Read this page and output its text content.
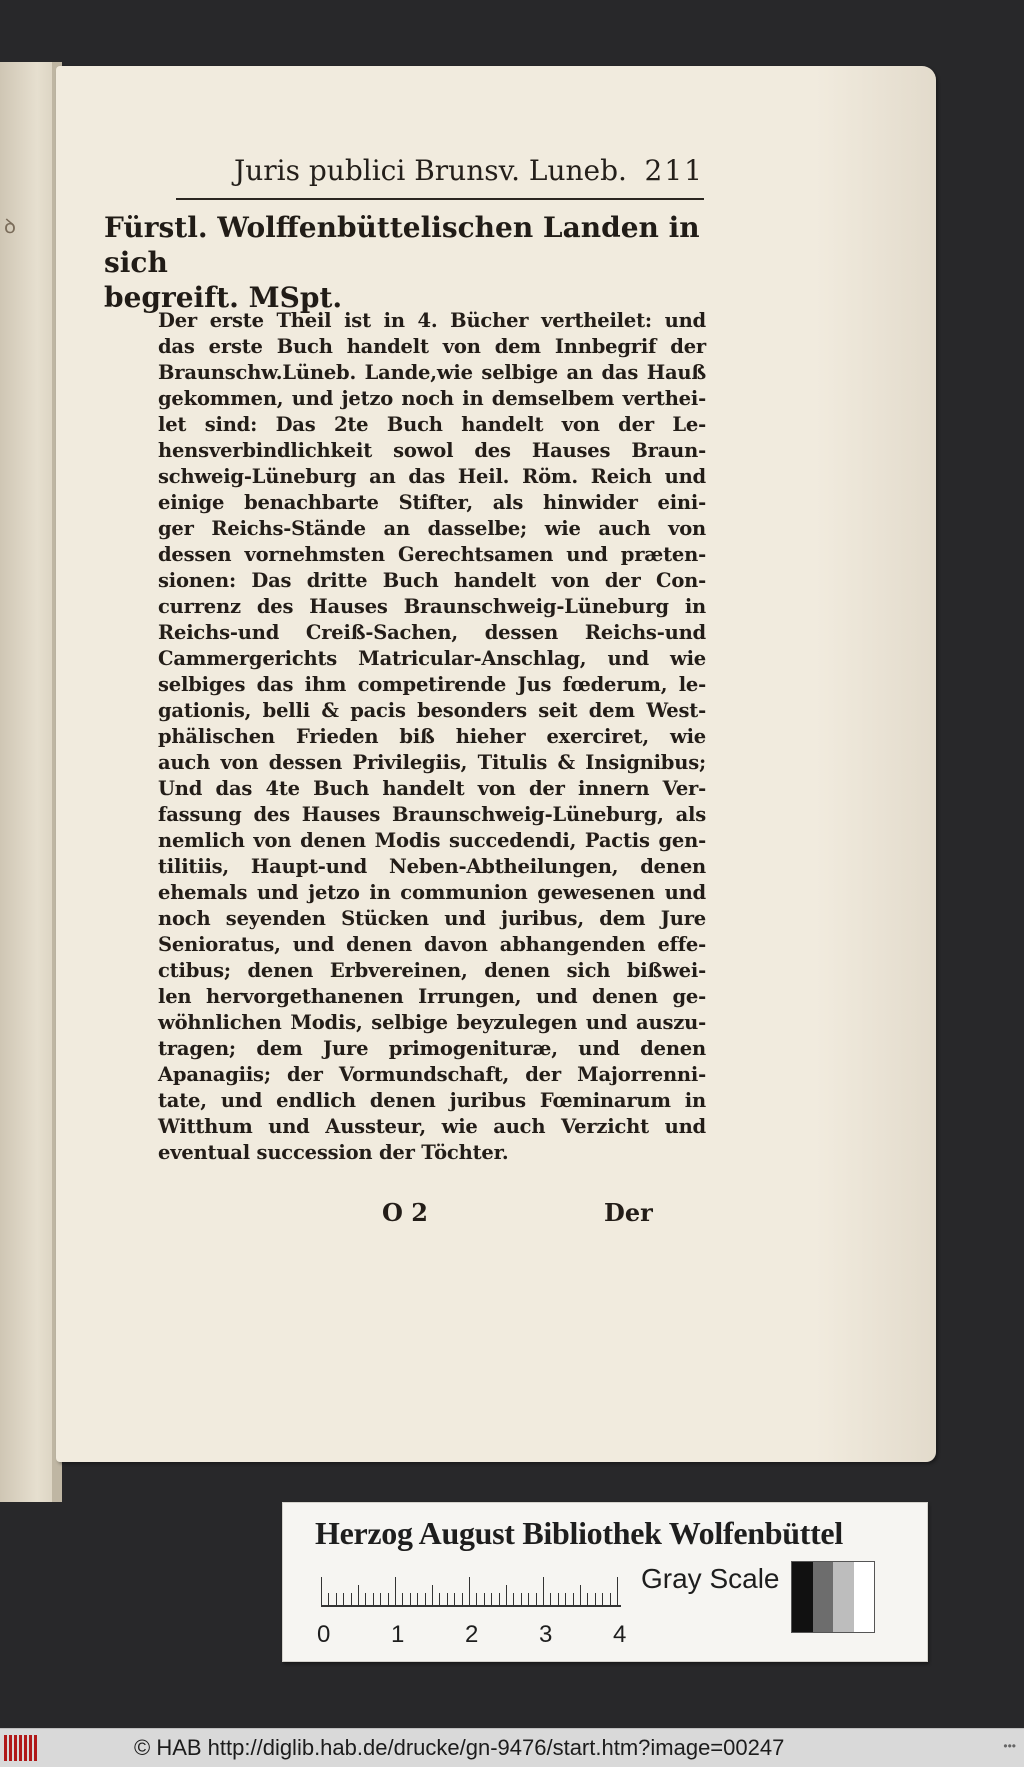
ꝺ
Juris publici Brunsv. Luneb. 211
Fürstl. Wolffenbüttelischen Landen in sich
begreift. MSpt.
Der erste Theil ist in 4. Bücher vertheilet: und
das erste Buch handelt von dem Innbegrif der
Braunschw.Lüneb. Lande,wie selbige an das Hauß
gekommen, und jetzo noch in demselbem verthei-
let sind: Das 2te Buch handelt von der Le-
hensverbindlichkeit sowol des Hauses Braun-
schweig-Lüneburg an das Heil. Röm. Reich und
einige benachbarte Stifter, als hinwider eini-
ger Reichs-Stände an dasselbe; wie auch von
dessen vornehmsten Gerechtsamen und præten-
sionen: Das dritte Buch handelt von der Con-
currenz des Hauses Braunschweig-Lüneburg in
Reichs-und Creiß-Sachen, dessen Reichs-und
Cammergerichts Matricular-Anschlag, und wie
selbiges das ihm competirende Jus fœderum, le-
gationis, belli & pacis besonders seit dem West-
phälischen Frieden biß hieher exerciret, wie
auch von dessen Privilegiis, Titulis & Insignibus;
Und das 4te Buch handelt von der innern Ver-
fassung des Hauses Braunschweig-Lüneburg, als
nemlich von denen Modis succedendi, Pactis gen-
tilitiis, Haupt-und Neben-Abtheilungen, denen
ehemals und jetzo in communion gewesenen und
noch seyenden Stücken und juribus, dem Jure
Senioratus, und denen davon abhangenden effe-
ctibus; denen Erbvereinen, denen sich bißwei-
len hervorgethanenen Irrungen, und denen ge-
wöhnlichen Modis, selbige beyzulegen und auszu-
tragen; dem Jure primogenituræ, und denen
Apanagiis; der Vormundschaft, der Majorrenni-
tate, und endlich denen juribus Fœminarum in
Witthum und Aussteur, wie auch Verzicht und
eventual succession der Töchter.
O 2	Der
Herzog August Bibliothek Wolfenbüttel
0	1	2	3	4
Gray Scale
© HAB http://diglib.hab.de/drucke/gn-9476/start.htm?image=00247	•••
